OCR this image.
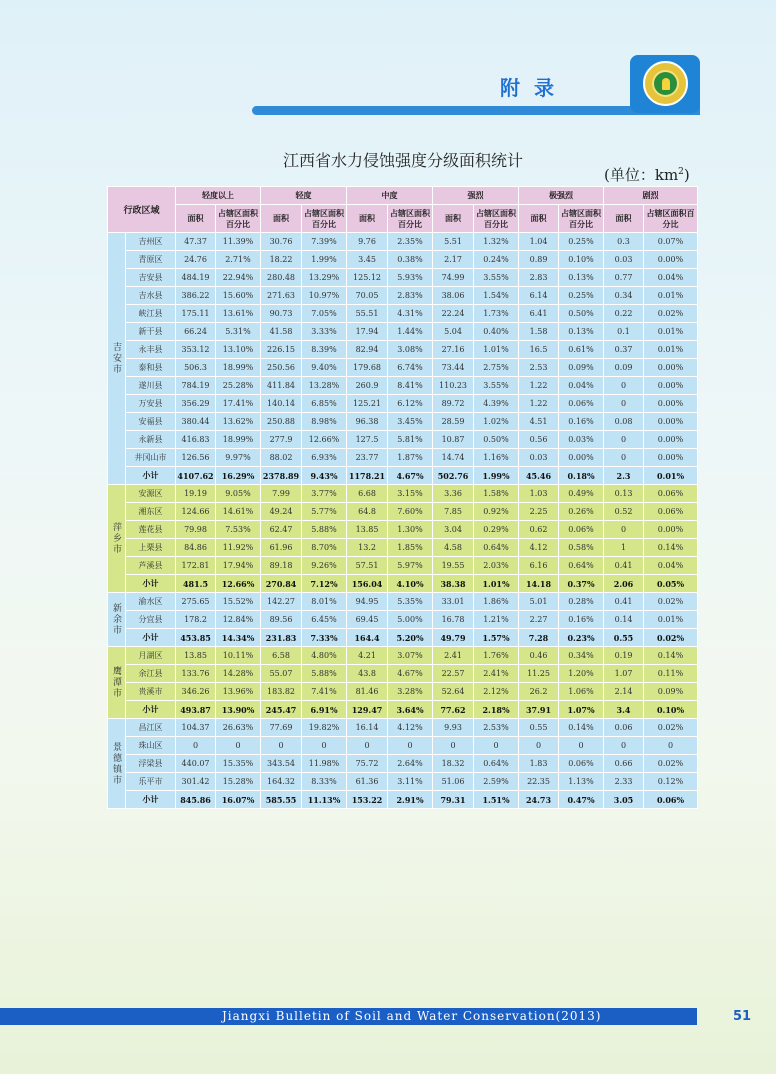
附录
江西省水力侵蚀强度分级面积统计
(单位：$km^2$)
行政区域		轻度以上		轻度		中度		强烈		极强烈		剧烈	
		面积	占辖区面积百分比	面积	占辖区面积百分比	面积	占辖区面积百分比	面积	占辖区面积百分比	面积	占辖区面积百分比	面积	占辖区面积百分比
吉安市	吉州区	47.37	11.39%	30.76	7.39%	9.76	2.35%	5.51	1.32%	1.04	0.25%	0.3	0.07%
	青原区	24.76	2.71%	18.22	1.99%	3.45	0.38%	2.17	0.24%	0.89	0.10%	0.03	0.00%
	吉安县	484.19	22.94%	280.48	13.29%	125.12	5.93%	74.99	3.55%	2.83	0.13%	0.77	0.04%
	吉水县	386.22	15.60%	271.63	10.97%	70.05	2.83%	38.06	1.54%	6.14	0.25%	0.34	0.01%
	峡江县	175.11	13.61%	90.73	7.05%	55.51	4.31%	22.24	1.73%	6.41	0.50%	0.22	0.02%
	新干县	66.24	5.31%	41.58	3.33%	17.94	1.44%	5.04	0.40%	1.58	0.13%	0.1	0.01%
	永丰县	353.12	13.10%	226.15	8.39%	82.94	3.08%	27.16	1.01%	16.5	0.61%	0.37	0.01%
	泰和县	506.3	18.99%	250.56	9.40%	179.68	6.74%	73.44	2.75%	2.53	0.09%	0.09	0.00%
	遂川县	784.19	25.28%	411.84	13.28%	260.9	8.41%	110.23	3.55%	1.22	0.04%	0	0.00%
	万安县	356.29	17.41%	140.14	6.85%	125.21	6.12%	89.72	4.39%	1.22	0.06%	0	0.00%
	安福县	380.44	13.62%	250.88	8.98%	96.38	3.45%	28.59	1.02%	4.51	0.16%	0.08	0.00%
	永新县	416.83	18.99%	277.9	12.66%	127.5	5.81%	10.87	0.50%	0.56	0.03%	0	0.00%
	井冈山市	126.56	9.97%	88.02	6.93%	23.77	1.87%	14.74	1.16%	0.03	0.00%	0	0.00%
	小计	4107.62	16.29%	2378.89	9.43%	1178.21	4.67%	502.76	1.99%	45.46	0.18%	2.3	0.01%
萍乡市	安源区	19.19	9.05%	7.99	3.77%	6.68	3.15%	3.36	1.58%	1.03	0.49%	0.13	0.06%
	湘东区	124.66	14.61%	49.24	5.77%	64.8	7.60%	7.85	0.92%	2.25	0.26%	0.52	0.06%
	莲花县	79.98	7.53%	62.47	5.88%	13.85	1.30%	3.04	0.29%	0.62	0.06%	0	0.00%
	上栗县	84.86	11.92%	61.96	8.70%	13.2	1.85%	4.58	0.64%	4.12	0.58%	1	0.14%
	芦溪县	172.81	17.94%	89.18	9.26%	57.51	5.97%	19.55	2.03%	6.16	0.64%	0.41	0.04%
	小计	481.5	12.66%	270.84	7.12%	156.04	4.10%	38.38	1.01%	14.18	0.37%	2.06	0.05%
新余市	渝水区	275.65	15.52%	142.27	8.01%	94.95	5.35%	33.01	1.86%	5.01	0.28%	0.41	0.02%
	分宜县	178.2	12.84%	89.56	6.45%	69.45	5.00%	16.78	1.21%	2.27	0.16%	0.14	0.01%
	小计	453.85	14.34%	231.83	7.33%	164.4	5.20%	49.79	1.57%	7.28	0.23%	0.55	0.02%
鹰潭市	月湖区	13.85	10.11%	6.58	4.80%	4.21	3.07%	2.41	1.76%	0.46	0.34%	0.19	0.14%
	余江县	133.76	14.28%	55.07	5.88%	43.8	4.67%	22.57	2.41%	11.25	1.20%	1.07	0.11%
	贵溪市	346.26	13.96%	183.82	7.41%	81.46	3.28%	52.64	2.12%	26.2	1.06%	2.14	0.09%
	小计	493.87	13.90%	245.47	6.91%	129.47	3.64%	77.62	2.18%	37.91	1.07%	3.4	0.10%
景德镇市	昌江区	104.37	26.63%	77.69	19.82%	16.14	4.12%	9.93	2.53%	0.55	0.14%	0.06	0.02%
	珠山区	0	0	0	0	0	0	0	0	0	0	0	0
	浮梁县	440.07	15.35%	343.54	11.98%	75.72	2.64%	18.32	0.64%	1.83	0.06%	0.66	0.02%
	乐平市	301.42	15.28%	164.32	8.33%	61.36	3.11%	51.06	2.59%	22.35	1.13%	2.33	0.12%
	小计	845.86	16.07%	585.55	11.13%	153.22	2.91%	79.31	1.51%	24.73	0.47%	3.05	0.06%
Jiangxi Bulletin of Soil and Water Conservation(2013)	51
